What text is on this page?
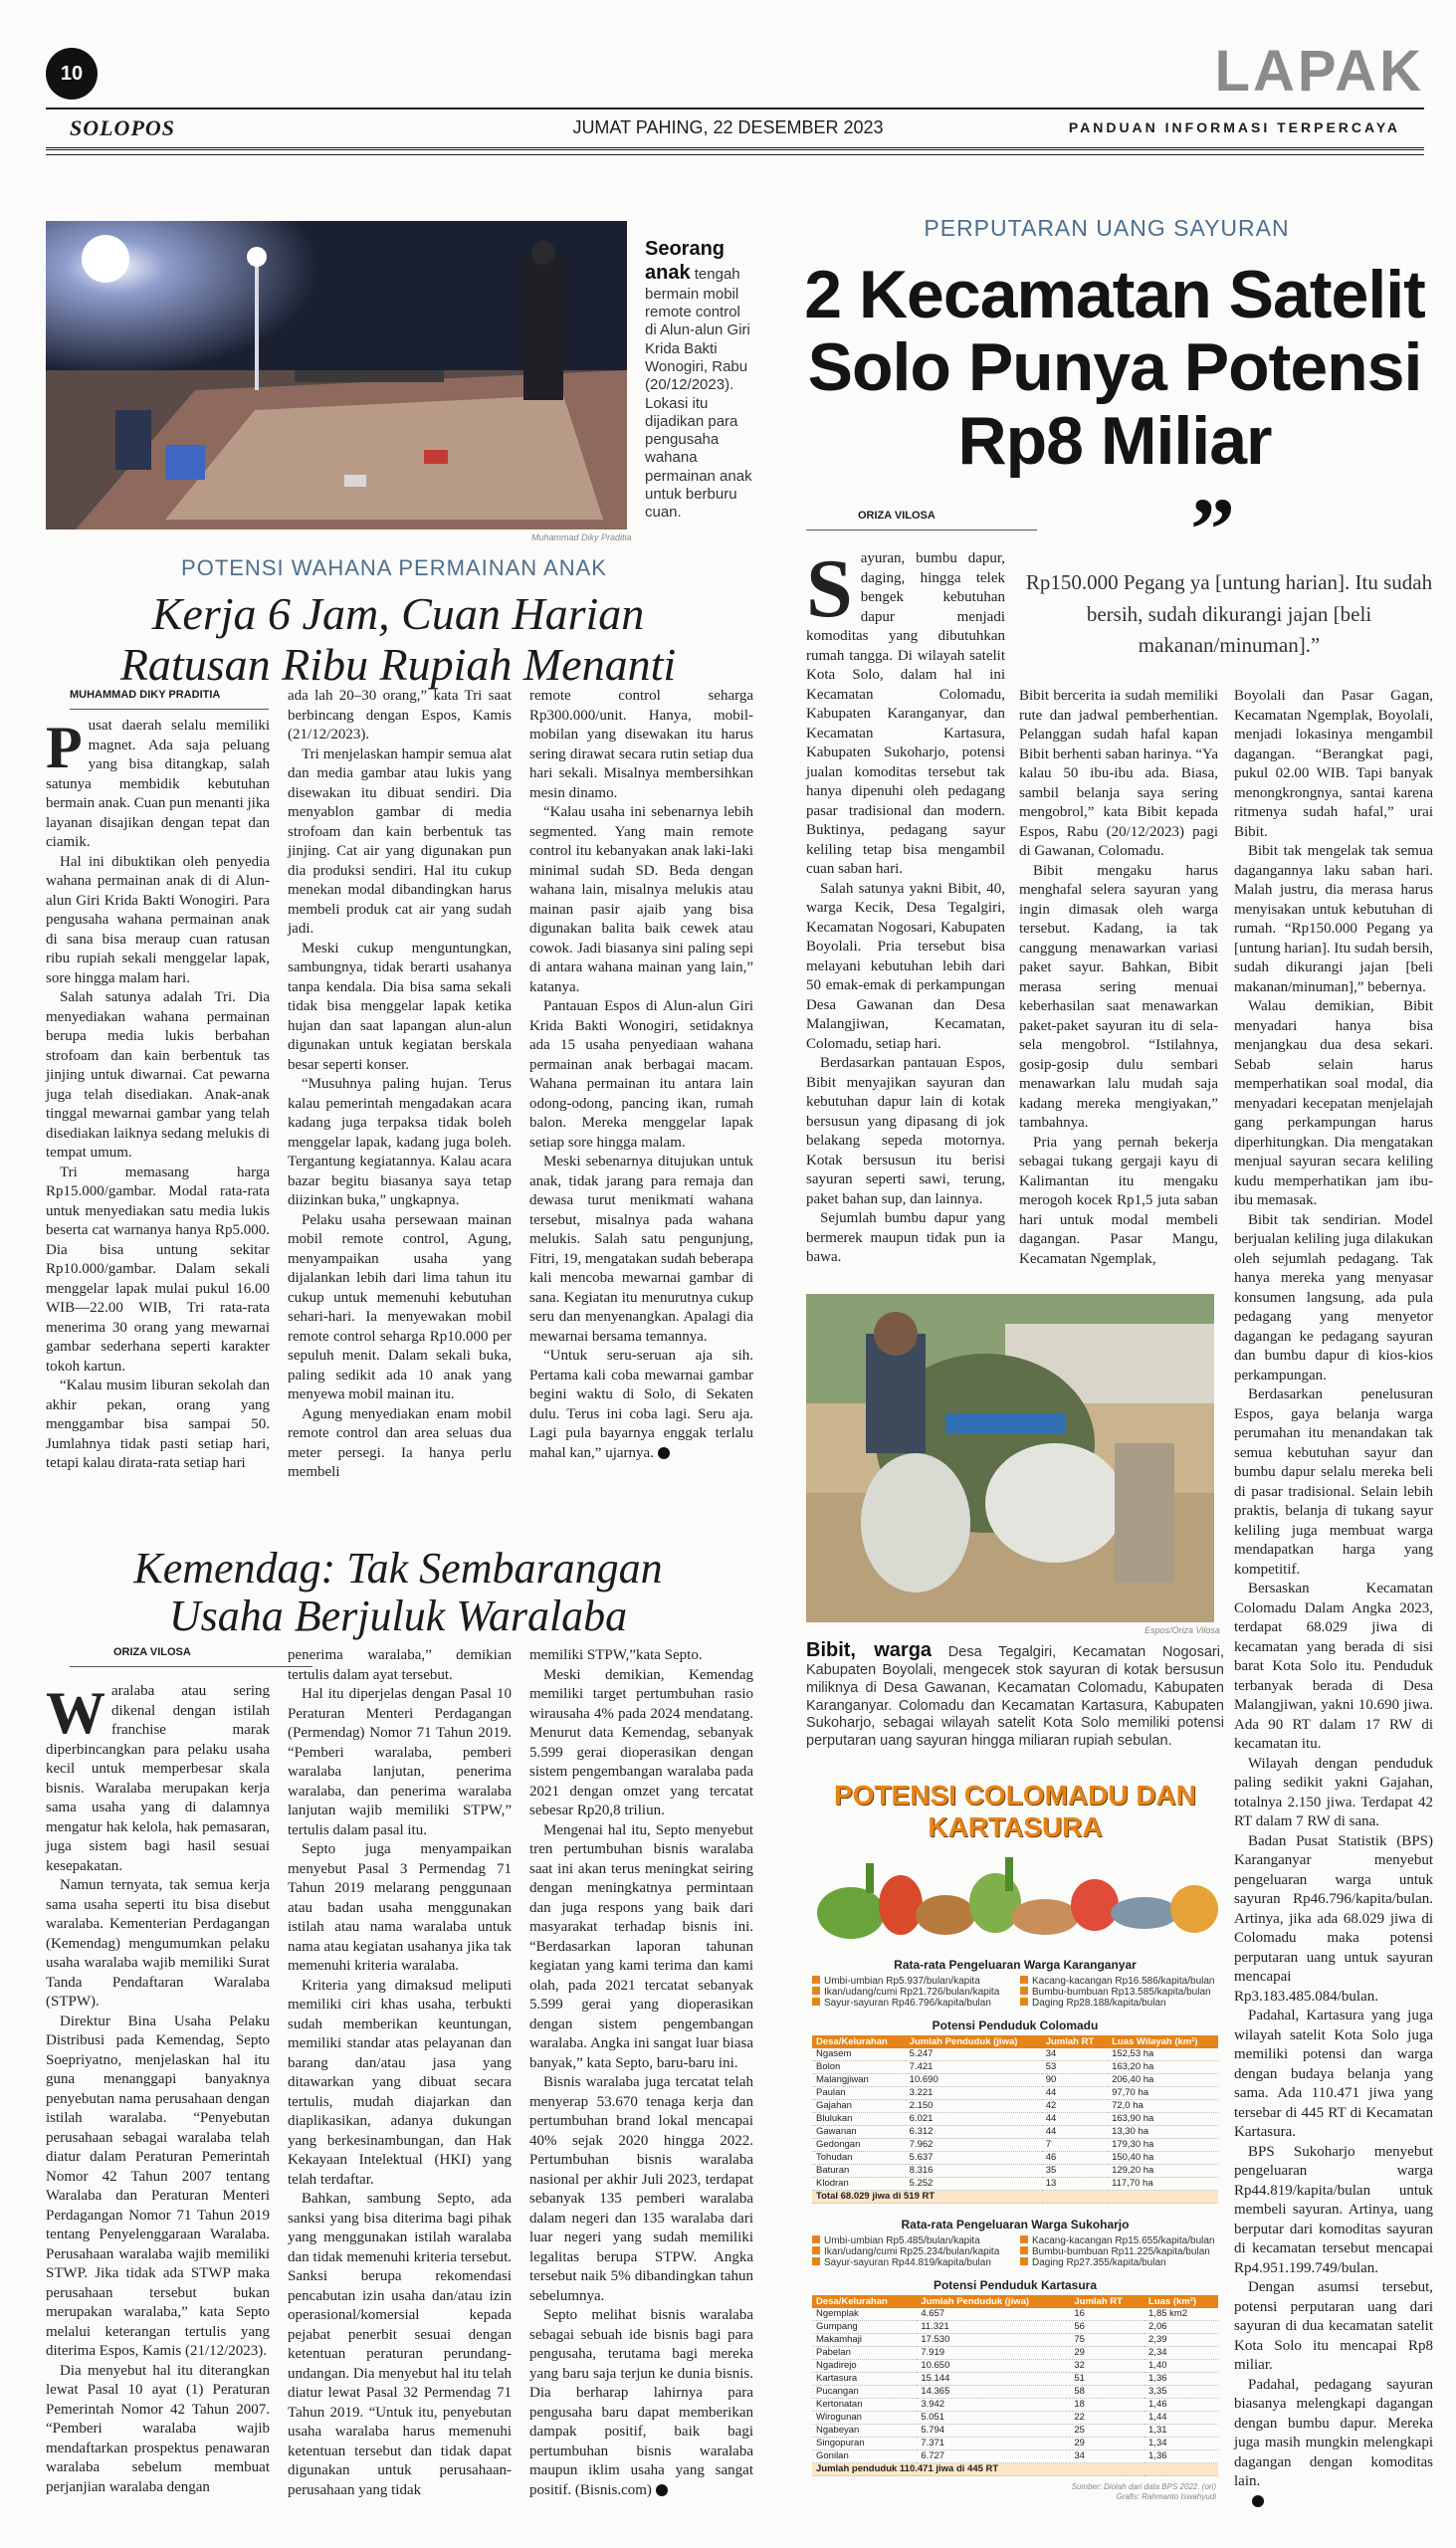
10	LAPAK
SOLOPOS	JUMAT PAHING, 22 DESEMBER 2023	PANDUAN INFORMASI TERPERCAYA
Seorang anak tengah bermain mobil remote control di Alun-alun Giri Krida Bakti Wonogiri, Rabu (20/12/2023). Lokasi itu dijadikan para pengusaha wahana permainan anak untuk berburu cuan.
Muhammad Diky Praditia
POTENSI WAHANA PERMAINAN ANAK
Kerja 6 Jam, Cuan Harian Ratusan Ribu Rupiah Menanti
MUHAMMAD DIKY PRADITIA
P usat daerah selalu memiliki magnet. Ada saja peluang yang bisa ditangkap, salah satunya membidik kebutuhan bermain anak. Cuan pun menanti jika layanan disajikan dengan tepat dan ciamik.

Hal ini dibuktikan oleh penyedia wahana permainan anak di di Alun-alun Giri Krida Bakti Wonogiri. Para pengusaha wahana permainan anak di sana bisa meraup cuan ratusan ribu rupiah sekali menggelar lapak, sore hingga malam hari.

Salah satunya adalah Tri. Dia menyediakan wahana permainan berupa media lukis berbahan strofoam dan kain berbentuk tas jinjing untuk diwarnai. Cat pewarna juga telah disediakan. Anak-anak tinggal mewarnai gambar yang telah disediakan laiknya sedang melukis di tempat umum.

Tri memasang harga Rp15.000/gambar. Modal rata-rata untuk menyediakan satu media lukis beserta cat warnanya hanya Rp5.000. Dia bisa untung sekitar Rp10.000/gambar. Dalam sekali menggelar lapak mulai pukul 16.00 WIB—22.00 WIB, Tri rata-rata menerima 30 orang yang mewarnai gambar sederhana seperti karakter tokoh kartun.

“Kalau musim liburan sekolah dan akhir pekan, orang yang menggambar bisa sampai 50. Jumlahnya tidak pasti setiap hari, tetapi kalau dirata-rata setiap hari

ada lah 20–30 orang,” kata Tri saat berbincang dengan Espos, Kamis (21/12/2023).

Tri menjelaskan hampir semua alat dan media gambar atau lukis yang disewakan itu dibuat sendiri. Dia menyablon gambar di media strofoam dan kain berbentuk tas jinjing. Cat air yang digunakan pun dia produksi sendiri. Hal itu cukup menekan modal dibandingkan harus membeli produk cat air yang sudah jadi.

Meski cukup menguntungkan, sambungnya, tidak berarti usahanya tanpa kendala. Dia bisa sama sekali tidak bisa menggelar lapak ketika hujan dan saat lapangan alun-alun digunakan untuk kegiatan berskala besar seperti konser.

“Musuhnya paling hujan. Terus kalau pemerintah mengadakan acara kadang juga terpaksa tidak boleh menggelar lapak, kadang juga boleh. Tergantung kegiatannya. Kalau acara bazar begitu biasanya saya tetap diizinkan buka,” ungkapnya.

Pelaku usaha persewaan mainan mobil remote control, Agung, menyampaikan usaha yang dijalankan lebih dari lima tahun itu cukup untuk memenuhi kebutuhan sehari-hari. Ia menyewakan mobil remote control seharga Rp10.000 per sepuluh menit. Dalam sekali buka, paling sedikit ada 10 anak yang menyewa mobil mainan itu.

Agung menyediakan enam mobil remote control dan area seluas dua meter persegi. Ia hanya perlu membeli

remote control seharga Rp300.000/unit. Hanya, mobil-mobilan yang disewakan itu harus sering dirawat secara rutin setiap dua hari sekali. Misalnya membersihkan mesin dinamo.

“Kalau usaha ini sebenarnya lebih segmented. Yang main remote control itu kebanyakan anak laki-laki minimal sudah SD. Beda dengan wahana lain, misalnya melukis atau mainan pasir ajaib yang bisa digunakan balita baik cewek atau cowok. Jadi biasanya sini paling sepi di antara wahana mainan yang lain,” katanya.

Pantauan Espos di Alun-alun Giri Krida Bakti Wonogiri, setidaknya ada 15 usaha penyediaan wahana permainan anak berbagai macam. Wahana permainan itu antara lain odong-odong, pancing ikan, rumah balon. Mereka menggelar lapak setiap sore hingga malam.

Meski sebenarnya ditujukan untuk anak, tidak jarang para remaja dan dewasa turut menikmati wahana tersebut, misalnya pada wahana melukis. Salah satu pengunjung, Fitri, 19, mengatakan sudah beberapa kali mencoba mewarnai gambar di sana. Kegiatan itu menurutnya cukup seru dan menyenangkan. Apalagi dia mewarnai bersama temannya.

“Untuk seru-seruan aja sih. Pertama kali coba mewarnai gambar begini waktu di Solo, di Sekaten dulu. Terus ini coba lagi. Seru aja. Lagi pula bayarnya enggak terlalu mahal kan,” ujarnya.

PERPUTARAN UANG SAYURAN
2 Kecamatan Satelit Solo Punya Potensi Rp8 Miliar
ORIZA VILOSA	”
Rp150.000 Pegang ya [untung harian]. Itu sudah bersih, sudah dikurangi jajan [beli makanan/minuman].”
S ayuran, bumbu dapur, daging, hingga telek bengek kebutuhan dapur menjadi komoditas yang dibutuhkan rumah tangga. Di wilayah satelit Kota Solo, dalam hal ini Kecamatan Colomadu, Kabupaten Karanganyar, dan Kecamatan Kartasura, Kabupaten Sukoharjo, potensi jualan komoditas tersebut tak hanya dipenuhi oleh pedagang pasar tradisional dan modern. Buktinya, pedagang sayur keliling tetap bisa mengambil cuan saban hari.

Salah satunya yakni Bibit, 40, warga Kecik, Desa Tegalgiri, Kecamatan Nogosari, Kabupaten Boyolali. Pria tersebut bisa melayani kebutuhan lebih dari 50 emak-emak di perkampungan Desa Gawanan dan Desa Malangjiwan, Kecamatan, Colomadu, setiap hari.

Berdasarkan pantauan Espos, Bibit menyajikan sayuran dan kebutuhan dapur lain di kotak bersusun yang dipasang di jok belakang sepeda motornya. Kotak bersusun itu berisi sayuran seperti sawi, terung, paket bahan sup, dan lainnya.

Sejumlah bumbu dapur yang bermerek maupun tidak pun ia bawa.

Bibit bercerita ia sudah memiliki rute dan jadwal pemberhentian. Pelanggan sudah hafal kapan Bibit berhenti saban harinya. “Ya kalau 50 ibu-ibu ada. Biasa, sambil belanja saya sering mengobrol,” kata Bibit kepada Espos, Rabu (20/12/2023) pagi di Gawanan, Colomadu.

Bibit mengaku harus menghafal selera sayuran yang ingin dimasak oleh warga tersebut. Kadang, ia tak canggung menawarkan variasi paket sayur. Bahkan, Bibit merasa sering menuai keberhasilan saat menawarkan paket-paket sayuran itu di sela-sela mengobrol. “Istilahnya, gosip-gosip dulu sembari menawarkan lalu mudah saja kadang mereka mengiyakan,” tambahnya.

Pria yang pernah bekerja sebagai tukang gergaji kayu di Kalimantan itu mengaku merogoh kocek Rp1,5 juta saban hari untuk modal membeli dagangan. Pasar Mangu, Kecamatan Ngemplak,

Boyolali dan Pasar Gagan, Kecamatan Ngemplak, Boyolali, menjadi lokasinya mengambil dagangan. “Berangkat pagi, pukul 02.00 WIB. Tapi banyak menongkrongnya, santai karena ritmenya sudah hafal,” urai Bibit.

Bibit tak mengelak tak semua dagangannya laku saban hari. Malah justru, dia merasa harus menyisakan untuk kebutuhan di rumah. “Rp150.000 Pegang ya [untung harian]. Itu sudah bersih, sudah dikurangi jajan [beli makanan/minuman],” bebernya.

Walau demikian, Bibit menyadari hanya bisa menjangkau dua desa sekari. Sebab selain harus memperhatikan soal modal, dia menyadari kecepatan menjelajah gang perkampungan harus diperhitungkan. Dia mengatakan menjual sayuran secara keliling kudu memperhatikan jam ibu-ibu memasak.

Bibit tak sendirian. Model berjualan keliling juga dilakukan oleh sejumlah pedagang. Tak hanya mereka yang menyasar konsumen langsung, ada pula pedagang yang menyetor dagangan ke pedagang sayuran dan bumbu dapur di kios-kios perkampungan.

Berdasarkan penelusuran Espos, gaya belanja warga perumahan itu menandakan tak semua kebutuhan sayur dan bumbu dapur selalu mereka beli di pasar tradisional. Selain lebih praktis, belanja di tukang sayur keliling juga membuat warga mendapatkan harga yang kompetitif.

Bersaskan Kecamatan Colomadu Dalam Angka 2023, terdapat 68.029 jiwa di kecamatan yang berada di sisi barat Kota Solo itu. Penduduk terbanyak berada di Desa Malangjiwan, yakni 10.690 jiwa. Ada 90 RT dalam 17 RW di kecamatan itu.

Wilayah dengan penduduk paling sedikit yakni Gajahan, totalnya 2.150 jiwa. Terdapat 42 RT dalam 7 RW di sana.

Badan Pusat Statistik (BPS) Karanganyar menyebut pengeluaran warga untuk sayuran Rp46.796/kapita/bulan. Artinya, jika ada 68.029 jiwa di Colomadu maka potensi perputaran uang untuk sayuran mencapai Rp3.183.485.084/bulan.

Padahal, Kartasura yang juga wilayah satelit Kota Solo juga memiliki potensi dan warga dengan budaya belanja yang sama. Ada 110.471 jiwa yang tersebar di 445 RT di Kecamatan Kartasura.

BPS Sukoharjo menyebut pengeluaran warga Rp44.819/kapita/bulan untuk membeli sayuran. Artinya, uang berputar dari komoditas sayuran di kecamatan tersebut mencapai Rp4.951.199.749/bulan.

Dengan asumsi tersebut, potensi perputaran uang dari sayuran di dua kecamatan satelit Kota Solo itu mencapai Rp8 miliar.

Padahal, pedagang sayuran biasanya melengkapi dagangan dengan bumbu dapur. Mereka juga masih mungkin melengkapi dagangan dengan komoditas lain.

Espos/Oriza Vilosa
Bibit, warga Desa Tegalgiri, Kecamatan Nogosari, Kabupaten Boyolali, mengecek stok sayuran di kotak bersusun miliknya di Desa Gawanan, Kecamatan Colomadu, Kabupaten Karanganyar. Colomadu dan Kecamatan Kartasura, Kabupaten Sukoharjo, sebagai wilayah satelit Kota Solo memiliki potensi perputaran uang sayuran hingga miliaran rupiah sebulan.
POTENSI COLOMADU DAN KARTASURA
Rata-rata Pengeluaran Warga Karanganyar
Umbi-umbian Rp5.937/bulan/kapita	Kacang-kacangan Rp16.586/kapita/bulan
Ikan/udang/cumi Rp21.726/bulan/kapita	Bumbu-bumbuan Rp13.585/kapita/bulan
Sayur-sayuran Rp46.796/kapita/bulan	Daging Rp28.188/kapita/bulan
Potensi Penduduk Colomadu
Desa/Kelurahan	Jumlah Penduduk (jiwa)	Jumlah RT	Luas Wilayah (km²)
Ngasem	5.247	34	152,53 ha
Bolon	7.421	53	163,20 ha
Malangjiwan	10.690	90	206,40 ha
Paulan	3.221	44	97,70 ha
Gajahan	2.150	42	72,0 ha
Blulukan	6.021	44	163,90 ha
Gawanan	6.312	44	13,30 ha
Gedongan	7.962	7	179,30 ha
Tohudan	5.637	46	150,40 ha
Baturan	8.316	35	129,20 ha
Klodran	5.252	13	117,70 ha
Total 68.029 jiwa di 519 RT			
Rata-rata Pengeluaran Warga Sukoharjo
Umbi-umbian Rp5.485/bulan/kapita	Kacang-kacangan Rp15.655/kapita/bulan
Ikan/udang/cumi Rp25.234/bulan/kapita	Bumbu-bumbuan Rp11.225/kapita/bulan
Sayur-sayuran Rp44.819/kapita/bulan	Daging Rp27.355/kapita/bulan
Potensi Penduduk Kartasura
Desa/Kelurahan	Jumlah Penduduk (jiwa)	Jumlah RT	Luas (km²)
Ngemplak	4.657	16	1,85 km2
Gumpang	11.321	56	2,06
Makamhaji	17.530	75	2,39
Pabelan	7.919	29	2,34
Ngadirejo	10.650	32	1,40
Kartasura	15.144	51	1,36
Pucangan	14.365	58	3,35
Kertonatan	3.942	18	1,46
Wirogunan	5.051	22	1,44
Ngabeyan	5.794	25	1,31
Singopuran	7.371	29	1,34
Gonilan	6.727	34	1,36
Jumlah penduduk 110.471 jiwa di 445 RT			
Sumber: Diolah dari data BPS 2022. (ori)
Grafis: Rahmanto Iswahyudi
Kemendag: Tak Sembarangan Usaha Berjuluk Waralaba
ORIZA VILOSA
W aralaba atau sering dikenal dengan istilah franchise marak diperbincangkan para pelaku usaha kecil untuk memperbesar skala bisnis. Waralaba merupakan kerja sama usaha yang di dalamnya mengatur hak kelola, hak pemasaran, juga sistem bagi hasil sesuai kesepakatan.

Namun ternyata, tak semua kerja sama usaha seperti itu bisa disebut waralaba. Kementerian Perdagangan (Kemendag) mengumumkan pelaku usaha waralaba wajib memiliki Surat Tanda Pendaftaran Waralaba (STPW).

Direktur Bina Usaha Pelaku Distribusi pada Kemendag, Septo Soepriyatno, menjelaskan hal itu guna menanggapi banyaknya penyebutan nama perusahaan dengan istilah waralaba. “Penyebutan perusahaan sebagai waralaba telah diatur dalam Peraturan Pemerintah Nomor 42 Tahun 2007 tentang Waralaba dan Peraturan Menteri Perdagangan Nomor 71 Tahun 2019 tentang Penyelenggaraan Waralaba. Perusahaan waralaba wajib memiliki STWP. Jika tidak ada STWP maka perusahaan tersebut bukan merupakan waralaba,” kata Septo melalui keterangan tertulis yang diterima Espos, Kamis (21/12/2023).

Dia menyebut hal itu diterangkan lewat Pasal 10 ayat (1) Peraturan Pemerintah Nomor 42 Tahun 2007. “Pemberi waralaba wajib mendaftarkan prospektus penawaran waralaba sebelum membuat perjanjian waralaba dengan

penerima waralaba,” demikian tertulis dalam ayat tersebut.

Hal itu diperjelas dengan Pasal 10 Peraturan Menteri Perdagangan (Permendag) Nomor 71 Tahun 2019. “Pemberi waralaba, pemberi waralaba lanjutan, penerima waralaba, dan penerima waralaba lanjutan wajib memiliki STPW,” tertulis dalam pasal itu.

Septo juga menyampaikan menyebut Pasal 3 Permendag 71 Tahun 2019 melarang penggunaan atau badan usaha menggunakan istilah atau nama waralaba untuk nama atau kegiatan usahanya jika tak memenuhi kriteria waralaba.

Kriteria yang dimaksud meliputi memiliki ciri khas usaha, terbukti sudah memberikan keuntungan, memiliki standar atas pelayanan dan barang dan/atau jasa yang ditawarkan yang dibuat secara tertulis, mudah diajarkan dan diaplikasikan, adanya dukungan yang berkesinambungan, dan Hak Kekayaan Intelektual (HKI) yang telah terdaftar.

Bahkan, sambung Septo, ada sanksi yang bisa diterima bagi pihak yang menggunakan istilah waralaba dan tidak memenuhi kriteria tersebut. Sanksi berupa rekomendasi pencabutan izin usaha dan/atau izin operasional/komersial kepada pejabat penerbit sesuai dengan ketentuan peraturan perundang-undangan. Dia menyebut hal itu telah diatur lewat Pasal 32 Permendag 71 Tahun 2019. “Untuk itu, penyebutan usaha waralaba harus memenuhi ketentuan tersebut dan tidak dapat digunakan untuk perusahaan-perusahaan yang tidak

memiliki STPW,”kata Septo.

Meski demikian, Kemendag memiliki target pertumbuhan rasio wirausaha 4% pada 2024 mendatang. Menurut data Kemendag, sebanyak 5.599 gerai dioperasikan dengan sistem pengembangan waralaba pada 2021 dengan omzet yang tercatat sebesar Rp20,8 triliun.

Mengenai hal itu, Septo menyebut tren pertumbuhan bisnis waralaba saat ini akan terus meningkat seiring dengan meningkatnya permintaan dan juga respons yang baik dari masyarakat terhadap bisnis ini. “Berdasarkan laporan tahunan kegiatan yang kami terima dan kami olah, pada 2021 tercatat sebanyak 5.599 gerai yang dioperasikan dengan sistem pengembangan waralaba. Angka ini sangat luar biasa banyak,” kata Septo, baru-baru ini.

Bisnis waralaba juga tercatat telah menyerap 53.670 tenaga kerja dan pertumbuhan brand lokal mencapai 40% sejak 2020 hingga 2022. Pertumbuhan bisnis waralaba nasional per akhir Juli 2023, terdapat sebanyak 135 pemberi waralaba dalam negeri dan 135 waralaba dari luar negeri yang sudah memiliki legalitas berupa STPW. Angka tersebut naik 5% dibandingkan tahun sebelumnya.

Septo melihat bisnis waralaba sebagai sebuah ide bisnis bagi para pengusaha, terutama bagi mereka yang baru saja terjun ke dunia bisnis. Dia berharap lahirnya para pengusaha baru dapat memberikan dampak positif, baik bagi pertumbuhan bisnis waralaba maupun iklim usaha yang sangat positif. (Bisnis.com)
